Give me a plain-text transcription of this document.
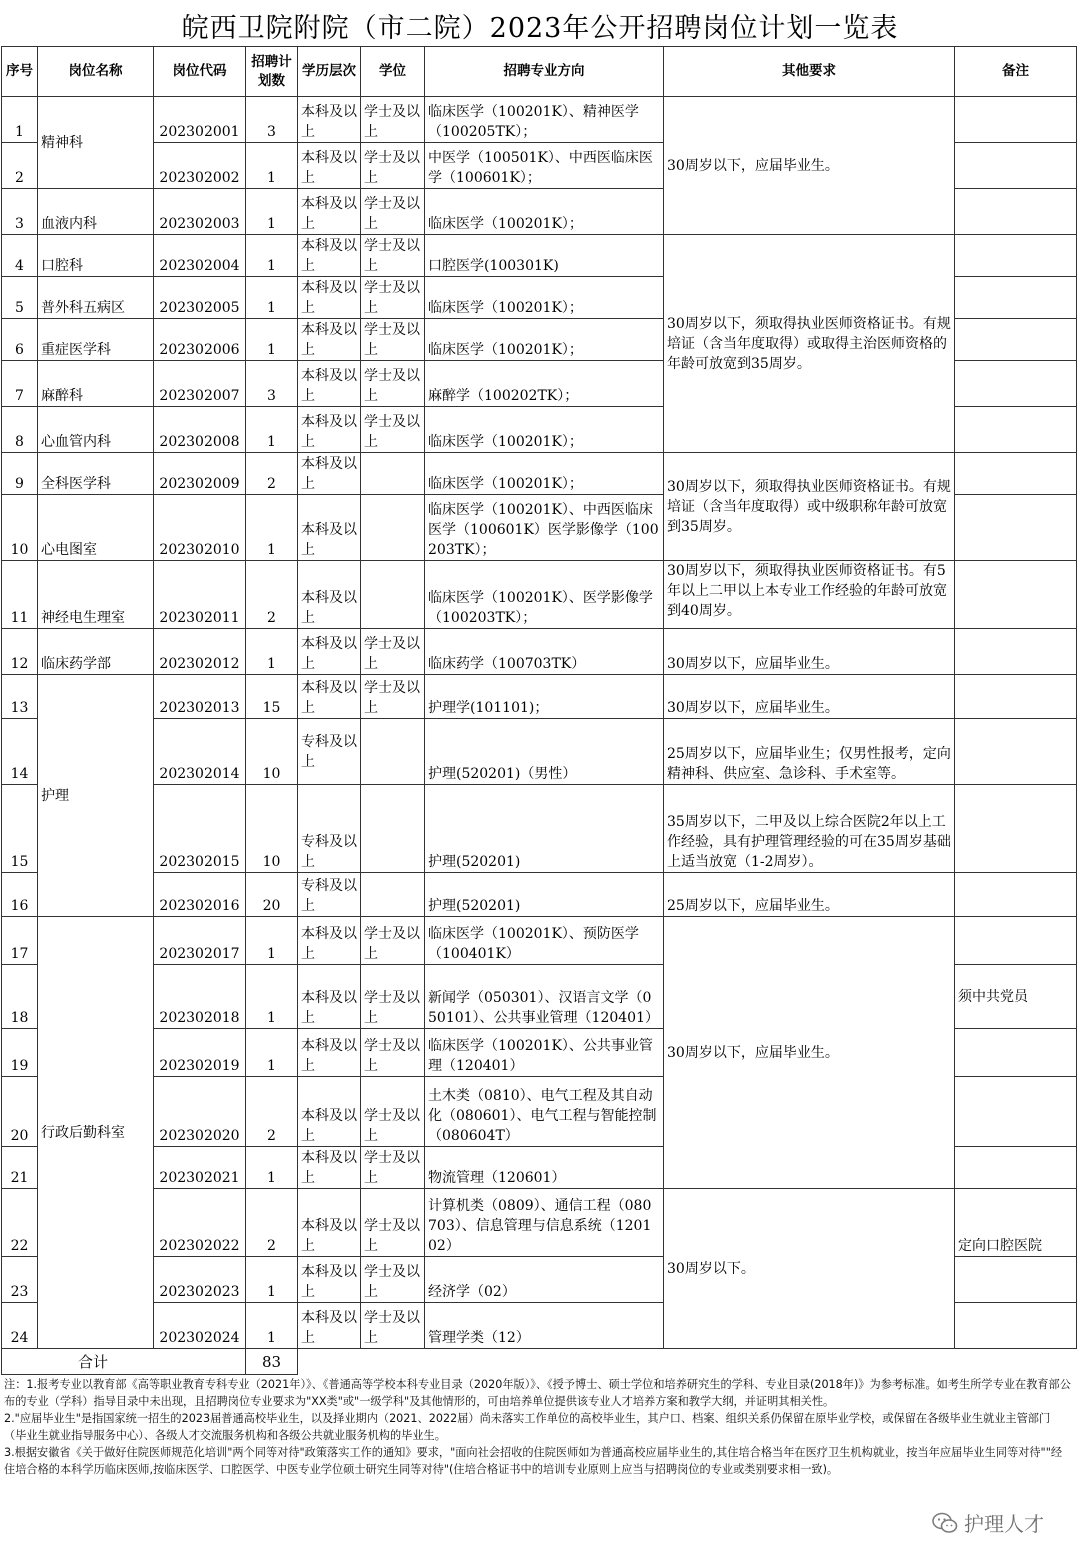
皖西卫院附院（市二院）2023年公开招聘岗位计划一览表
序号	岗位名称	岗位代码	招聘计划数	学历层次	学位	招聘专业方向	其他要求	备注
1	精神科	202302001	3	本科及以上	学士及以上	临床医学（100201K）、精神医学（100205TK）；	30周岁以下，应届毕业生。	
2		202302002	1	本科及以上	学士及以上	中医学（100501K）、中西医临床医学（100601K）；		
3	血液内科	202302003	1	本科及以上	学士及以上	临床医学（100201K）；		
4	口腔科	202302004	1	本科及以上	学士及以上	口腔医学(100301K)	30周岁以下，须取得执业医师资格证书。有规培证（含当年度取得）或取得主治医师资格的年龄可放宽到35周岁。	
5	普外科五病区	202302005	1	本科及以上	学士及以上	临床医学（100201K）；		
6	重症医学科	202302006	1	本科及以上	学士及以上	临床医学（100201K）；		
7	麻醉科	202302007	3	本科及以上	学士及以上	麻醉学（100202TK）；		
8	心血管内科	202302008	1	本科及以上	学士及以上	临床医学（100201K）；		
9	全科医学科	202302009	2	本科及以上		临床医学（100201K）；	30周岁以下，须取得执业医师资格证书。有规培证（含当年度取得）或中级职称年龄可放宽到35周岁。	
10	心电图室	202302010	1	本科及以上		临床医学（100201K）、中西医临床医学（100601K）医学影像学（100203TK）；		
11	神经电生理室	202302011	2	本科及以上		临床医学（100201K）、医学影像学（100203TK）；	30周岁以下，须取得执业医师资格证书。有5年以上二甲以上本专业工作经验的年龄可放宽到40周岁。	
12	临床药学部	202302012	1	本科及以上	学士及以上	临床药学（100703TK）	30周岁以下，应届毕业生。	
13	护理	202302013	15	本科及以上	学士及以上	护理学(101101)；	30周岁以下，应届毕业生。	
14		202302014	10	专科及以上		护理(520201)（男性）	25周岁以下，应届毕业生；仅男性报考，定向精神科、供应室、急诊科、手术室等。	
15		202302015	10	专科及以上		护理(520201)	35周岁以下，二甲及以上综合医院2年以上工作经验，具有护理管理经验的可在35周岁基础上适当放宽（1-2周岁）。	
16		202302016	20	专科及以上		护理(520201)	25周岁以下，应届毕业生。	
17	行政后勤科室	202302017	1	本科及以上	学士及以上	临床医学（100201K）、预防医学（100401K）	30周岁以下，应届毕业生。	
18		202302018	1	本科及以上	学士及以上	新闻学（050301）、汉语言文学（050101）、公共事业管理（120401）		须中共党员
19		202302019	1	本科及以上	学士及以上	临床医学（100201K）、公共事业管理（120401）		
20		202302020	2	本科及以上	学士及以上	土木类（0810）、电气工程及其自动化（080601）、电气工程与智能控制（080604T）		
21		202302021	1	本科及以上	学士及以上	物流管理（120601）		
22		202302022	2	本科及以上	学士及以上	计算机类（0809）、通信工程（080703）、信息管理与信息系统（120102）	30周岁以下。	定向口腔医院
23		202302023	1	本科及以上	学士及以上	经济学（02）		
24		202302024	1	本科及以上	学士及以上	管理学类（12）		
合计			83					

注：1.报考专业以教育部《高等职业教育专科专业（2021年）》、《普通高等学校本科专业目录（2020年版）》、《授予博士、硕士学位和培养研究生的学科、专业目录(2018年)》为参考标准。如考生所学专业在教育部公布的专业（学科）指导目录中未出现，且招聘岗位专业要求为"XX类"或"一级学科"及其他情形的，可由培养单位提供该专业人才培养方案和教学大纲，并证明其相关性。

2."应届毕业生"是指国家统一招生的2023届普通高校毕业生，以及择业期内（2021、2022届）尚未落实工作单位的高校毕业生，其户口、档案、组织关系仍保留在原毕业学校，或保留在各级毕业生就业主管部门（毕业生就业指导服务中心）、各级人才交流服务机构和各级公共就业服务机构的毕业生。

3.根据安徽省《关于做好住院医师规范化培训"两个同等对待"政策落实工作的通知》要求，"面向社会招收的住院医师如为普通高校应届毕业生的,其住培合格当年在医疗卫生机构就业，按当年应届毕业生同等对待""经住培合格的本科学历临床医师,按临床医学、口腔医学、中医专业学位硕士研究生同等对待"(住培合格证书中的培训专业原则上应当与招聘岗位的专业或类别要求相一致)。

护理人才
